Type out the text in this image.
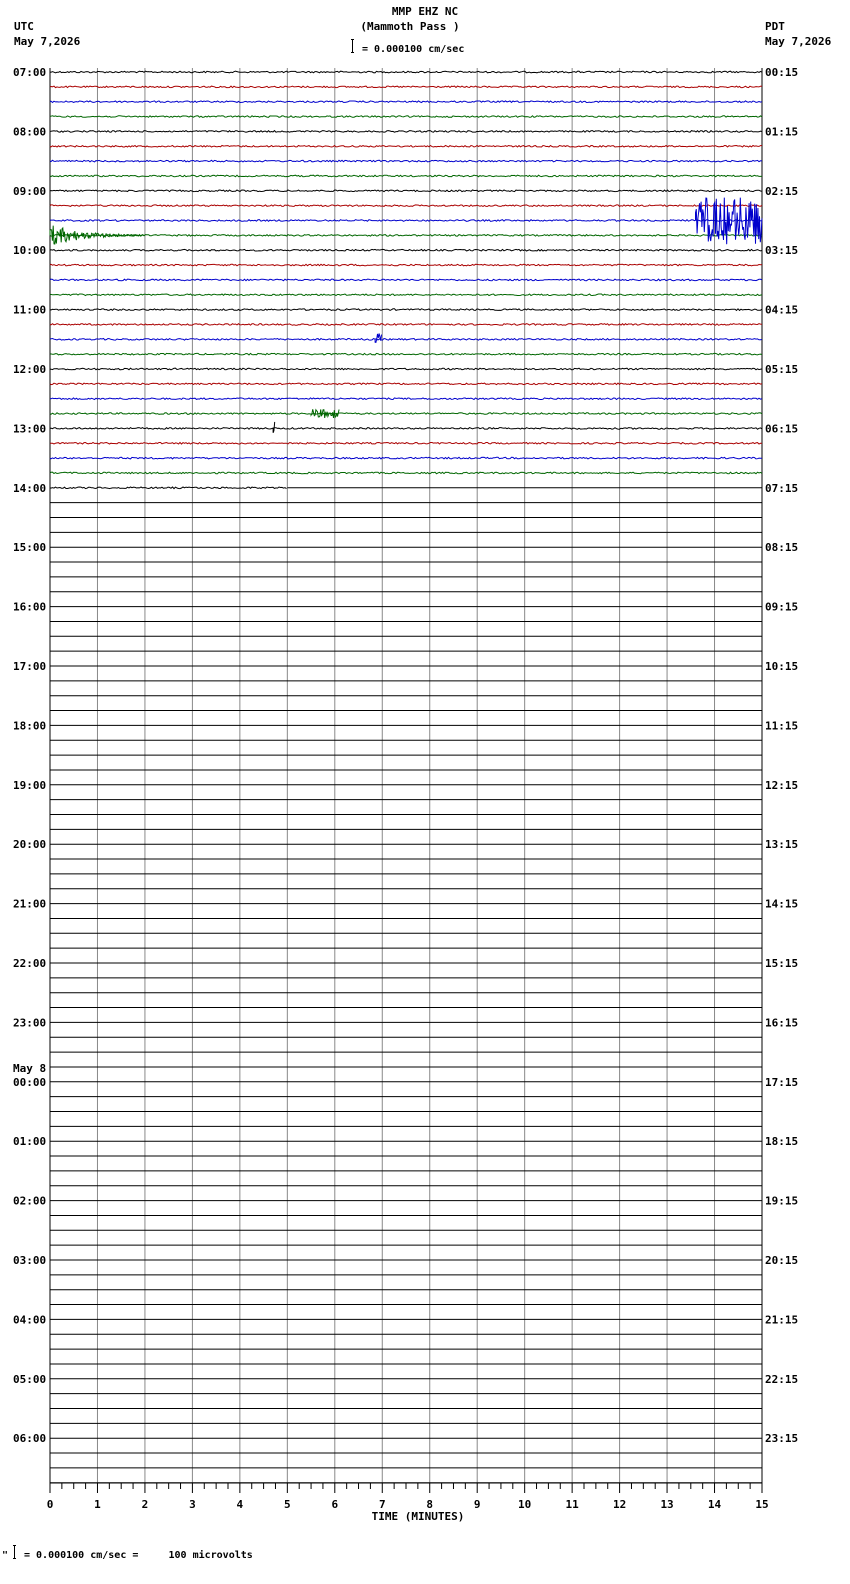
UTC
May 7,2026
PDT
May 7,2026
MMP EHZ NC
(Mammoth Pass )
= 0.000100 cm/sec
07:00
08:00
09:00
10:00
11:00
12:00
13:00
14:00
15:00
16:00
17:00
18:00
19:00
20:00
21:00
22:00
23:00
00:00
May 8
01:00
02:00
03:00
04:00
05:00
06:00
00:15
01:15
02:15
03:15
04:15
05:15
06:15
07:15
08:15
09:15
10:15
11:15
12:15
13:15
14:15
15:15
16:15
17:15
18:15
19:15
20:15
21:15
22:15
23:15
0	1	2	3	4	5	6	7	8	9	10	11	12	13	14	15
TIME (MINUTES)
" = 0.000100 cm/sec =     100 microvolts
